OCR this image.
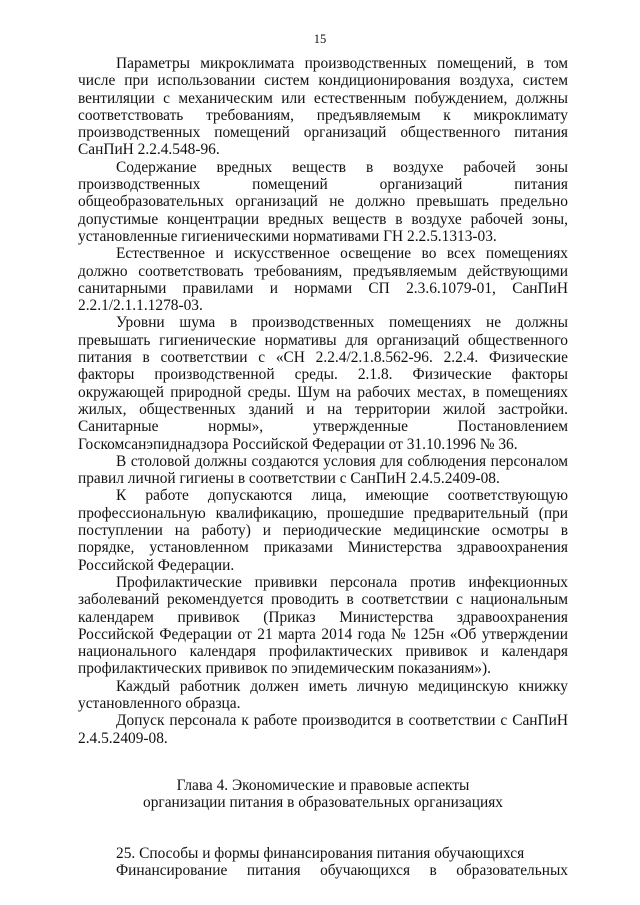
15

Параметры микроклимата производственных помещений, в том числе при использовании систем кондиционирования воздуха, систем вентиляции с механическим или естественным побуждением, должны соответствовать требованиям, предъявляемым к микроклимату производственных помещений организаций общественного питания СанПиН 2.2.4.548-96.

Содержание вредных веществ в воздухе рабочей зоны производственных помещений организаций питания общеобразовательных организаций не должно превышать предельно допустимые концентрации вредных веществ в воздухе рабочей зоны, установленные гигиеническими нормативами ГН 2.2.5.1313-03.

Естественное и искусственное освещение во всех помещениях должно соответствовать требованиям, предъявляемым действующими санитарными правилами и нормами СП 2.3.6.1079-01, СанПиН 2.2.1/2.1.1.1278-03.

Уровни шума в производственных помещениях не должны превышать гигиенические нормативы для организаций общественного питания в соответствии с «СН 2.2.4/2.1.8.562-96. 2.2.4. Физические факторы производственной среды. 2.1.8. Физические факторы окружающей природной среды. Шум на рабочих местах, в помещениях жилых, общественных зданий и на территории жилой застройки. Санитарные нормы», утвержденные Постановлением Госкомсанэпиднадзора Российской Федерации от 31.10.1996 № 36.

В столовой должны создаются условия для соблюдения персоналом правил личной гигиены в соответствии с СанПиН 2.4.5.2409-08.

К работе допускаются лица, имеющие соответствующую профессиональную квалификацию, прошедшие предварительный (при поступлении на работу) и периодические медицинские осмотры в порядке, установленном приказами Министерства здравоохранения Российской Федерации.

Профилактические прививки персонала против инфекционных заболеваний рекомендуется проводить в соответствии с национальным календарем прививок (Приказ Министерства здравоохранения Российской Федерации от 21 марта 2014 года № 125н «Об утверждении национального календаря профилактических прививок и календаря профилактических прививок по эпидемическим показаниям»).

Каждый работник должен иметь личную медицинскую книжку установленного образца.

Допуск персонала к работе производится в соответствии с СанПиН 2.4.5.2409-08.

Глава 4. Экономические и правовые аспекты
организации питания в образовательных организациях

25. Способы и формы финансирования питания обучающихся

Финансирование питания обучающихся в образовательных
